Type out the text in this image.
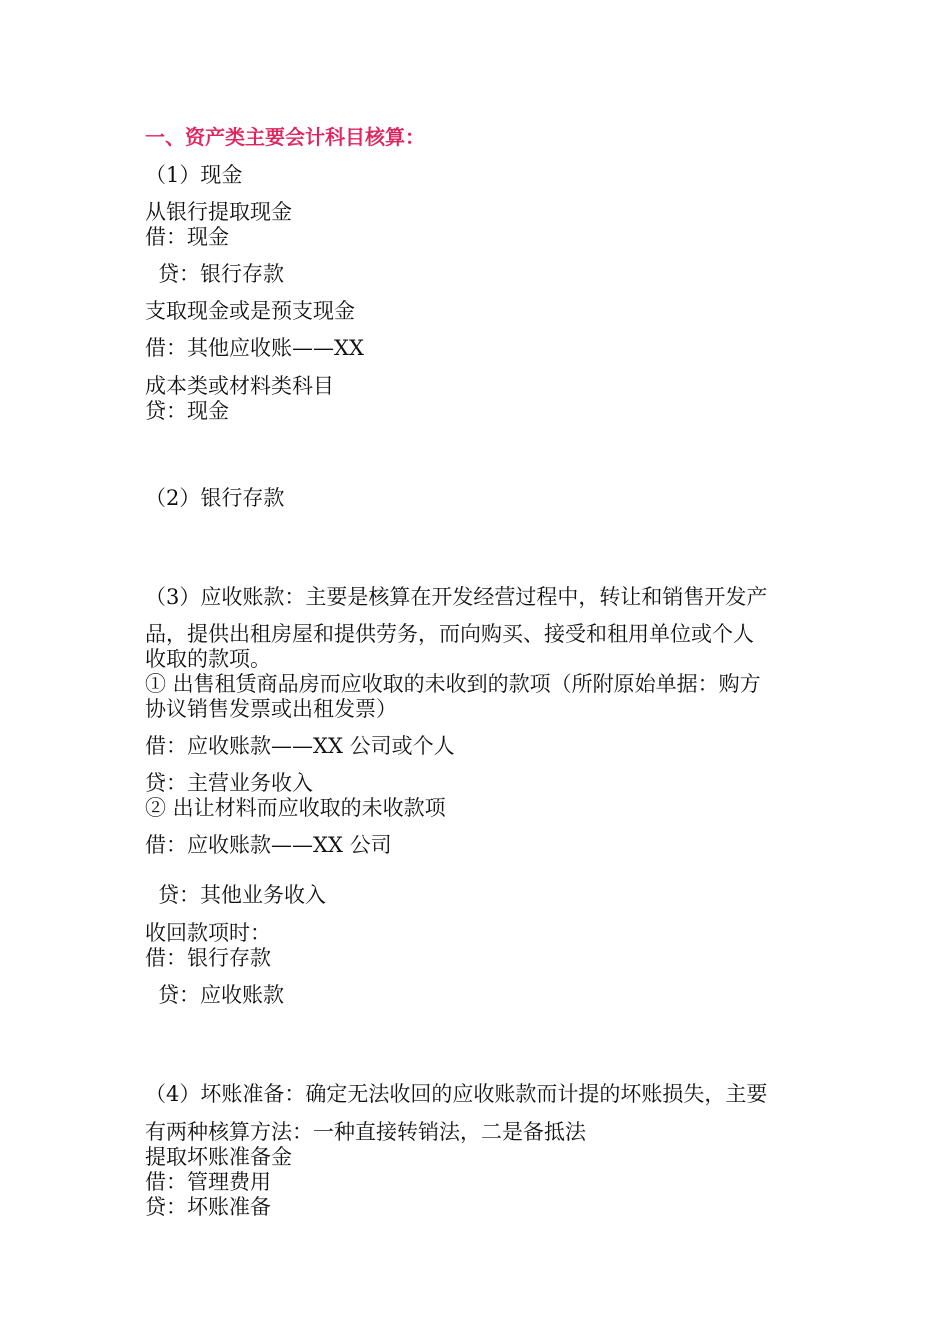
一、资产类主要会计科目核算：
（1）现金
从银行提取现金
借：现金
贷：银行存款
支取现金或是预支现金
借：其他应收账——XX
成本类或材料类科目
贷：现金
（2）银行存款
（3）应收账款：主要是核算在开发经营过程中，转让和销售开发产
品，提供出租房屋和提供劳务，而向购买、接受和租用单位或个人
收取的款项。
① 出售租赁商品房而应收取的未收到的款项（所附原始单据：购方
协议销售发票或出租发票）
借：应收账款——XX 公司或个人
贷：主营业务收入
② 出让材料而应收取的未收款项
借：应收账款——XX 公司
贷：其他业务收入
收回款项时：
借：银行存款
贷：应收账款
（4）坏账准备：确定无法收回的应收账款而计提的坏账损失，主要
有两种核算方法：一种直接转销法，二是备抵法
提取坏账准备金
借：管理费用
贷：坏账准备
